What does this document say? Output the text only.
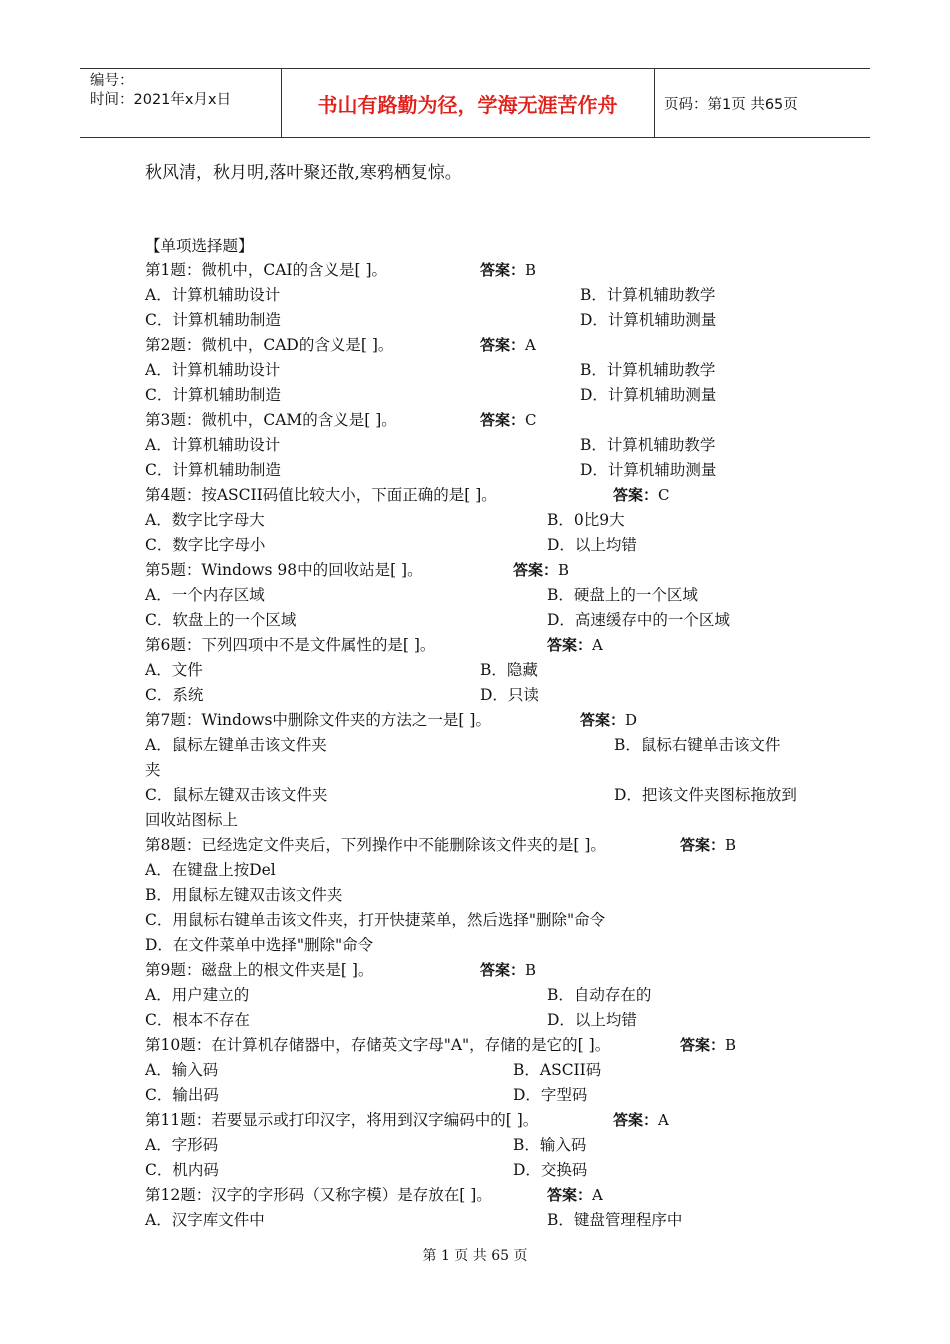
编号：
时间：2021年x月x日	书山有路勤为径，学海无涯苦作舟	页码：第1页 共65页
秋风清，秋月明,落叶聚还散,寒鸦栖复惊。
【单项选择题】
第1题：微机中，CAI的含义是[ ]。	答案：B
A．计算机辅助设计	B．计算机辅助教学
C．计算机辅助制造	D．计算机辅助测量
第2题：微机中，CAD的含义是[ ]。	答案：A
A．计算机辅助设计	B．计算机辅助教学
C．计算机辅助制造	D．计算机辅助测量
第3题：微机中，CAM的含义是[ ]。	答案：C
A．计算机辅助设计	B．计算机辅助教学
C．计算机辅助制造	D．计算机辅助测量
第4题：按ASCII码值比较大小，下面正确的是[ ]。	答案：C
A．数字比字母大	B．0比9大
C．数字比字母小	D．以上均错
第5题：Windows 98中的回收站是[ ]。	答案：B
A．一个内存区域	B．硬盘上的一个区域
C．软盘上的一个区域	D．高速缓存中的一个区域
第6题：下列四项中不是文件属性的是[ ]。	答案：A
A．文件	B．隐藏
C．系统	D．只读
第7题：Windows中删除文件夹的方法之一是[ ]。	答案：D
A．鼠标左键单击该文件夹	B．鼠标右键单击该文件
夹
C．鼠标左键双击该文件夹	D．把该文件夹图标拖放到
回收站图标上
第8题：已经选定文件夹后，下列操作中不能删除该文件夹的是[ ]。	答案：B
A．在键盘上按Del
B．用鼠标左键双击该文件夹
C．用鼠标右键单击该文件夹，打开快捷菜单，然后选择"删除"命令
D．在文件菜单中选择"删除"命令
第9题：磁盘上的根文件夹是[ ]。	答案：B
A．用户建立的	B．自动存在的
C．根本不存在	D．以上均错
第10题：在计算机存储器中，存储英文字母"A"，存储的是它的[ ]。	答案：B
A．输入码	B．ASCII码
C．输出码	D．字型码
第11题：若要显示或打印汉字，将用到汉字编码中的[ ]。	答案：A
A．字形码	B．输入码
C．机内码	D．交换码
第12题：汉字的字形码（又称字模）是存放在[ ]。	答案：A
A．汉字库文件中	B．键盘管理程序中
第 1 页 共 65 页
